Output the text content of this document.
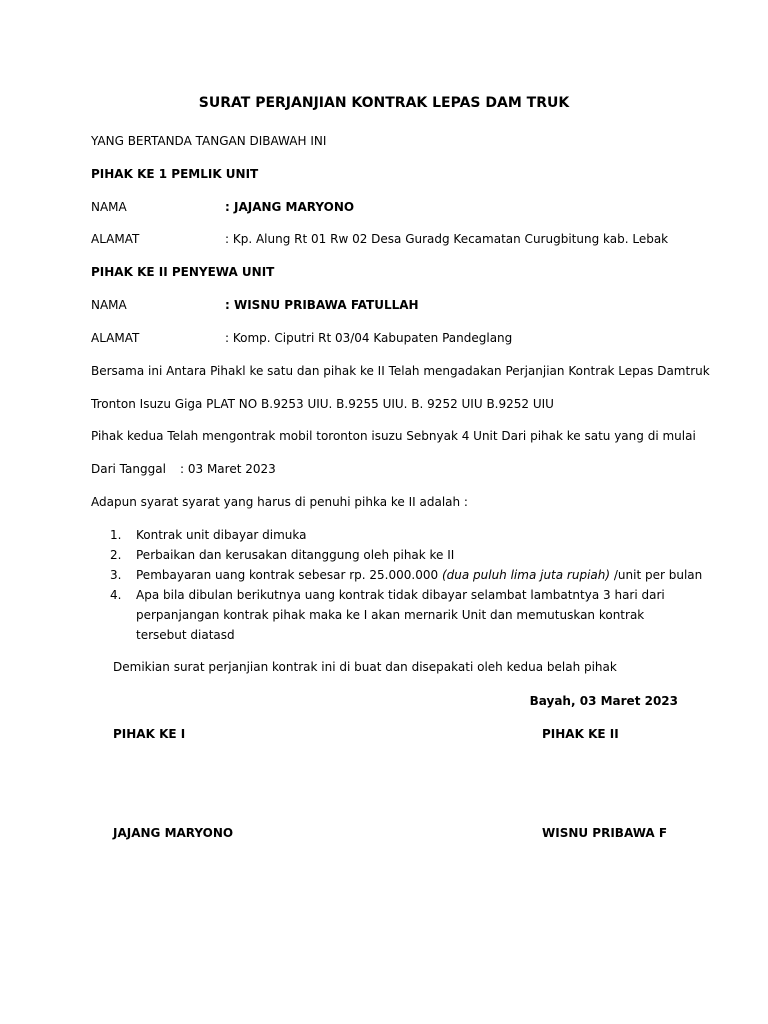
SURAT PERJANJIAN KONTRAK LEPAS DAM TRUK
YANG BERTANDA TANGAN DIBAWAH INI
PIHAK KE 1 PEMLIK UNIT
NAMA	: JAJANG MARYONO
ALAMAT	: Kp. Alung Rt 01 Rw 02 Desa Guradg Kecamatan Curugbitung kab. Lebak
PIHAK KE II PENYEWA UNIT
NAMA	: WISNU PRIBAWA FATULLAH
ALAMAT	: Komp. Ciputri Rt 03/04 Kabupaten Pandeglang
Bersama ini Antara Pihakl ke satu dan pihak ke II Telah mengadakan Perjanjian Kontrak Lepas Damtruk
Tronton Isuzu Giga PLAT NO B.9253 UIU. B.9255 UIU. B. 9252 UIU B.9252 UIU
Pihak kedua Telah mengontrak mobil toronton isuzu Sebnyak 4 Unit Dari pihak ke satu yang di mulai
Dari Tanggal : 03 Maret 2023
Adapun syarat syarat yang harus di penuhi pihka ke II adalah :
1. Kontrak unit dibayar dimuka
2. Perbaikan dan kerusakan ditanggung oleh pihak ke II
3. Pembayaran uang kontrak sebesar rp. 25.000.000 (dua puluh lima juta rupiah) /unit per bulan
4. Apa bila dibulan berikutnya uang kontrak tidak dibayar selambat lambatntya 3 hari dari perpanjangan kontrak pihak maka ke I akan mernarik Unit dan memutuskan kontrak tersebut diatasd
Demikian surat perjanjian kontrak ini di buat dan disepakati oleh kedua belah pihak
Bayah, 03 Maret 2023
PIHAK KE I	PIHAK KE II
JAJANG MARYONO	WISNU PRIBAWA F
